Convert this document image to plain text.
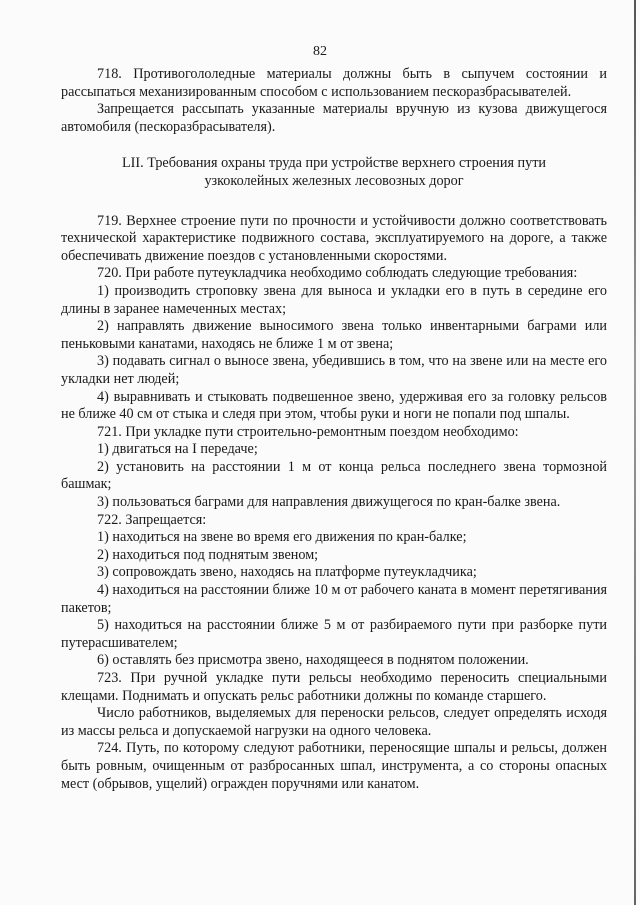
82

718. Противогололедные материалы должны быть в сыпучем состоянии и рассыпаться механизированным способом с использованием пескоразбрасывателей.

Запрещается рассыпать указанные материалы вручную из кузова движущегося автомобиля (пескоразбрасывателя).

LII. Требования охраны труда при устройстве верхнего строения пути
узкоколейных железных лесовозных дорог

719. Верхнее строение пути по прочности и устойчивости должно соответствовать технической характеристике подвижного состава, эксплуатируемого на дороге, а также обеспечивать движение поездов с установленными скоростями.

720. При работе путеукладчика необходимо соблюдать следующие требования:

1) производить строповку звена для выноса и укладки его в путь в середине его длины в заранее намеченных местах;

2) направлять движение выносимого звена только инвентарными баграми или пеньковыми канатами, находясь не ближе 1 м от звена;

3) подавать сигнал о выносе звена, убедившись в том, что на звене или на месте его укладки нет людей;

4) выравнивать и стыковать подвешенное звено, удерживая его за головку рельсов не ближе 40 см от стыка и следя при этом, чтобы руки и ноги не попали под шпалы.

721. При укладке пути строительно-ремонтным поездом необходимо:

1) двигаться на I передаче;

2) установить на расстоянии 1 м от конца рельса последнего звена тормозной башмак;

3) пользоваться баграми для направления движущегося по кран-балке звена.

722. Запрещается:

1) находиться на звене во время его движения по кран-балке;

2) находиться под поднятым звеном;

3) сопровождать звено, находясь на платформе путеукладчика;

4) находиться на расстоянии ближе 10 м от рабочего каната в момент перетягивания пакетов;

5) находиться на расстоянии ближе 5 м от разбираемого пути при разборке пути путерасшивателем;

6) оставлять без присмотра звено, находящееся в поднятом положении.

723. При ручной укладке пути рельсы необходимо переносить специальными клещами. Поднимать и опускать рельс работники должны по команде старшего.

Число работников, выделяемых для переноски рельсов, следует определять исходя из массы рельса и допускаемой нагрузки на одного человека.

724. Путь, по которому следуют работники, переносящие шпалы и рельсы, должен быть ровным, очищенным от разбросанных шпал, инструмента, а со стороны опасных мест (обрывов, ущелий) огражден поручнями или канатом.
